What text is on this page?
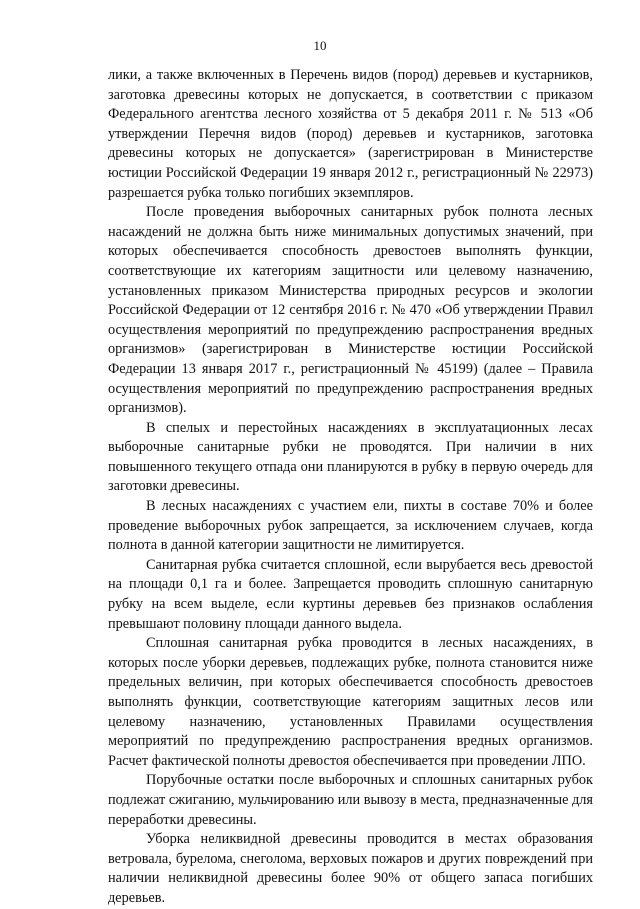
10

лики, а также включенных в Перечень видов (пород) деревьев и кустарников, заготовка древесины которых не допускается, в соответствии с приказом Федерального агентства лесного хозяйства от 5 декабря 2011 г. № 513 «Об утверждении Перечня видов (пород) деревьев и кустарников, заготовка древесины которых не допускается» (зарегистрирован в Министерстве юстиции Российской Федерации 19 января 2012 г., регистрационный № 22973) разрешается рубка только погибших экземпляров.

После проведения выборочных санитарных рубок полнота лесных насаждений не должна быть ниже минимальных допустимых значений, при которых обеспечивается способность древостоев выполнять функции, соответствующие их категориям защитности или целевому назначению, установленных приказом Министерства природных ресурсов и экологии Российской Федерации от 12 сентября 2016 г. № 470 «Об утверждении Правил осуществления мероприятий по предупреждению распространения вредных организмов» (зарегистрирован в Министерстве юстиции Российской Федерации 13 января 2017 г., регистрационный № 45199) (далее – Правила осуществления мероприятий по предупреждению распространения вредных организмов).

В спелых и перестойных насаждениях в эксплуатационных лесах выборочные санитарные рубки не проводятся. При наличии в них повышенного текущего отпада они планируются в рубку в первую очередь для заготовки древесины.

В лесных насаждениях с участием ели, пихты в составе 70% и более проведение выборочных рубок запрещается, за исключением случаев, когда полнота в данной категории защитности не лимитируется.

Санитарная рубка считается сплошной, если вырубается весь древостой на площади 0,1 га и более. Запрещается проводить сплошную санитарную рубку на всем выделе, если куртины деревьев без признаков ослабления превышают половину площади данного выдела.

Сплошная санитарная рубка проводится в лесных насаждениях, в которых после уборки деревьев, подлежащих рубке, полнота становится ниже предельных величин, при которых обеспечивается способность древостоев выполнять функции, соответствующие категориям защитных лесов или целевому назначению, установленных Правилами осуществления мероприятий по предупреждению распространения вредных организмов. Расчет фактической полноты древостоя обеспечивается при проведении ЛПО.

Порубочные остатки после выборочных и сплошных санитарных рубок подлежат сжиганию, мульчированию или вывозу в места, предназначенные для переработки древесины.

Уборка неликвидной древесины проводится в местах образования ветровала, бурелома, снеголома, верховых пожаров и других повреждений при наличии неликвидной древесины более 90% от общего запаса погибших деревьев.
